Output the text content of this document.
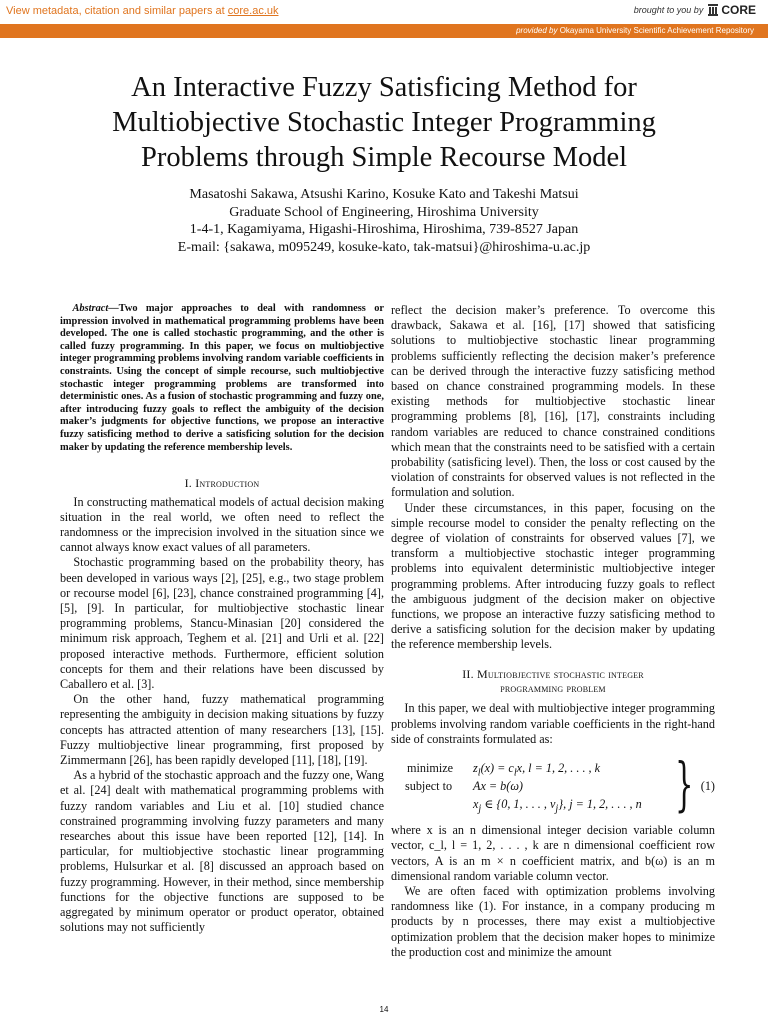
View metadata, citation and similar papers at core.ac.uk	brought to you by CORE
provided by Okayama University Scientific Achievement Repository
An Interactive Fuzzy Satisficing Method for
Multiobjective Stochastic Integer Programming
Problems through Simple Recourse Model
Masatoshi Sakawa, Atsushi Karino, Kosuke Kato and Takeshi Matsui
Graduate School of Engineering, Hiroshima University
1-4-1, Kagamiyama, Higashi-Hiroshima, Hiroshima, 739-8527 Japan
E-mail: {sakawa, m095249, kosuke-kato, tak-matsui}@hiroshima-u.ac.jp
Abstract—Two major approaches to deal with randomness or impression involved in mathematical programming problems have been developed. The one is called stochastic programming, and the other is called fuzzy programming. In this paper, we focus on multiobjective integer programming problems involving random variable coefficients in constraints. Using the concept of simple recourse, such multiobjective stochastic integer programming problems are transformed into deterministic ones. As a fusion of stochastic programming and fuzzy one, after introducing fuzzy goals to reflect the ambiguity of the decision maker’s judgments for objective functions, we propose an interactive fuzzy satisficing method to derive a satisficing solution for the decision maker by updating the reference membership levels.
I. Introduction

In constructing mathematical models of actual decision making situation in the real world, we often need to reflect the randomness or the imprecision involved in the situation since we cannot always know exact values of all parameters.

Stochastic programming based on the probability theory, has been developed in various ways [2], [25], e.g., two stage problem or recourse model [6], [23], chance constrained programming [4], [5], [9]. In particular, for multiobjective stochastic linear programming problems, Stancu-Minasian [20] considered the minimum risk approach, Teghem et al. [21] and Urli et al. [22] proposed interactive methods. Furthermore, efficient solution concepts for them and their relations have been discussed by Caballero et al. [3].

On the other hand, fuzzy mathematical programming representing the ambiguity in decision making situations by fuzzy concepts has attracted attention of many researchers [13], [15]. Fuzzy multiobjective linear programming, first proposed by Zimmermann [26], has been rapidly developed [11], [18], [19].

As a hybrid of the stochastic approach and the fuzzy one, Wang et al. [24] dealt with mathematical programming problems with fuzzy random variables and Liu et al. [10] studied chance constrained programming involving fuzzy parameters and many researches about this issue have been reported [12], [14]. In particular, for multiobjective stochastic linear programming problems, Hulsurkar et al. [8] discussed an approach based on fuzzy programming. However, in their method, since membership functions for the objective functions are supposed to be aggregated by minimum operator or product operator, obtained solutions may not sufficiently

reflect the decision maker’s preference. To overcome this drawback, Sakawa et al. [16], [17] showed that satisficing solutions to multiobjective stochastic linear programming problems sufficiently reflecting the decision maker’s preference can be derived through the interactive fuzzy satisficing method based on chance constrained programming models. In these existing methods for multiobjective stochastic linear programming problems [8], [16], [17], constraints including random variables are reduced to chance constrained conditions which mean that the constraints need to be satisfied with a certain probability (satisficing level). Then, the loss or cost caused by the violation of constraints for observed values is not reflected in the formulation and solution.

Under these circumstances, in this paper, focusing on the simple recourse model to consider the penalty reflecting on the degree of violation of constraints for observed values [7], we transform a multiobjective stochastic integer programming problems into equivalent deterministic multiobjective integer programming problems. After introducing fuzzy goals to reflect the ambiguous judgment of the decision maker on objective functions, we propose an interactive fuzzy satisficing method to derive a satisficing solution for the decision maker by updating the reference membership levels.

II. Multiobjective stochastic integer
programming problem

In this paper, we deal with multiobjective integer programming problems involving random variable coefficients in the right-hand side of constraints formulated as:

minimize $z_l(x) = c_lx$, l = 1, 2, . . . , k
subject to Ax = b(ω)
$x_j$ ∈ {0, 1, . . . , $\nu_j$}, j = 1, 2, . . . , n } (1)

where x is an n dimensional integer decision variable column vector, c_l, l = 1, 2, . . . , k are n dimensional coefficient row vectors, A is an m × n coefficient matrix, and b(ω) is an m dimensional random variable column vector.

We are often faced with optimization problems involving randomness like (1). For instance, in a company producing m products by n processes, there may exist a multiobjective optimization problem that the decision maker hopes to minimize the production cost and minimize the amount

14
